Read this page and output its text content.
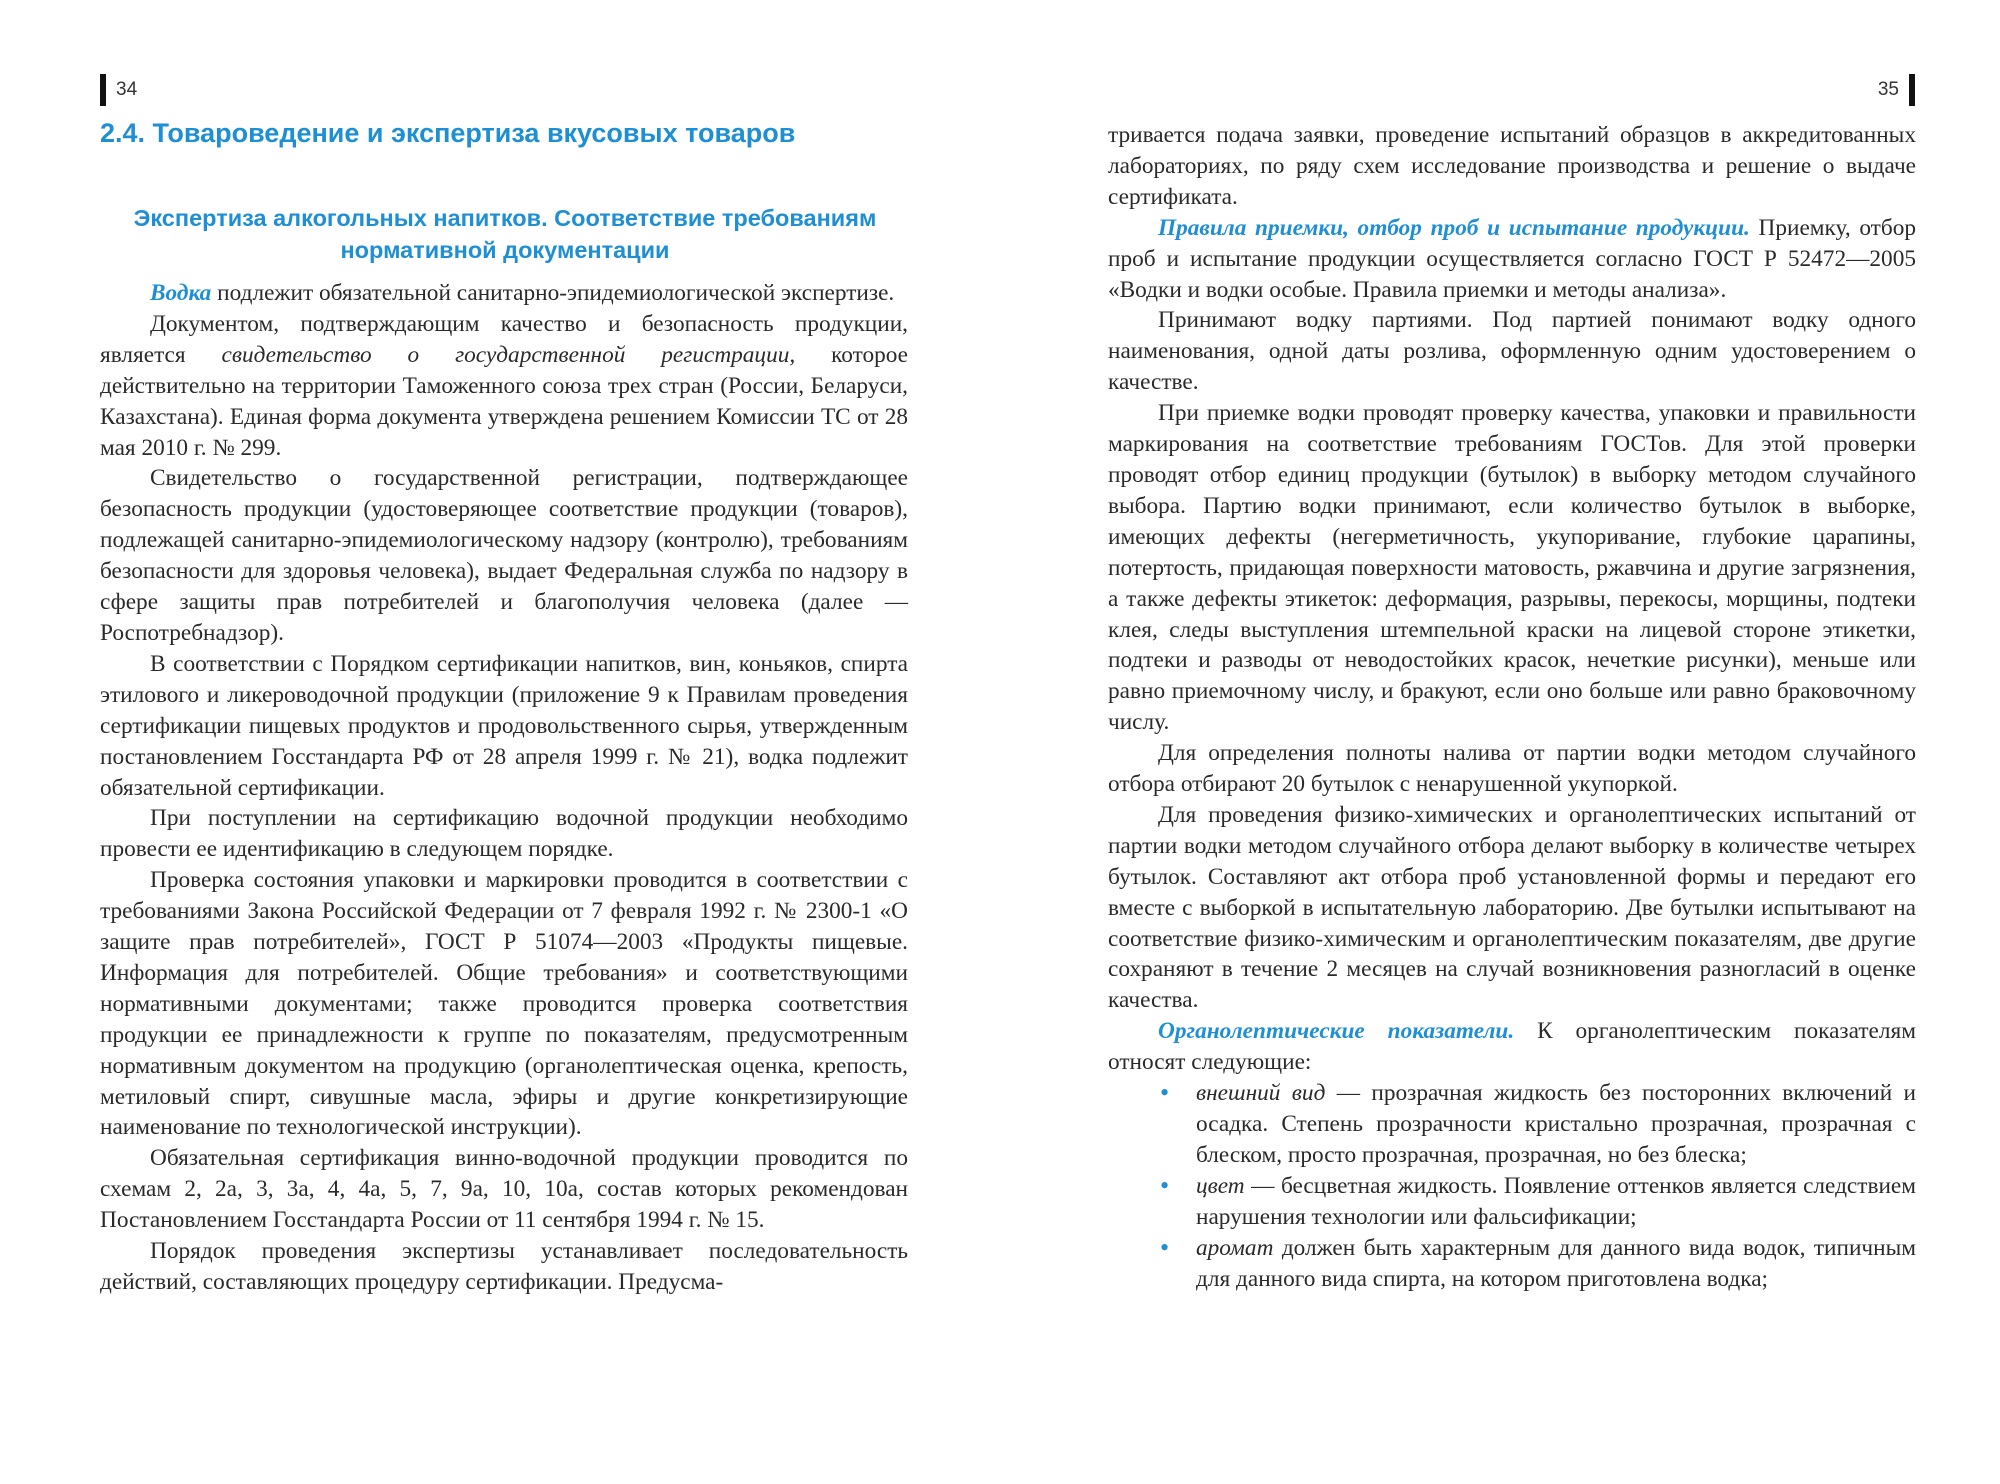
34
2.4. Товароведение и экспертиза вкусовых товаров
Экспертиза алкогольных напитков. Соответствие требованиям нормативной документации

Водка подлежит обязательной санитарно-эпидемиологической экспертизе.

Документом, подтверждающим качество и безопасность продукции, является свидетельство о государственной регистрации, которое действительно на территории Таможенного союза трех стран (России, Беларуси, Казахстана). Единая форма документа утверждена решением Комиссии ТС от 28 мая 2010 г. № 299.

Свидетельство о государственной регистрации, подтверждающее безопасность продукции (удостоверяющее соответствие продукции (товаров), подлежащей санитарно-эпидемиологическому надзору (контролю), требованиям безопасности для здоровья человека), выдает Федеральная служба по надзору в сфере защиты прав потребителей и благополучия человека (далее — Роспотребнадзор).

В соответствии с Порядком сертификации напитков, вин, коньяков, спирта этилового и ликероводочной продукции (приложение 9 к Правилам проведения сертификации пищевых продуктов и продовольственного сырья, утвержденным постановлением Госстандарта РФ от 28 апреля 1999 г. № 21), водка подлежит обязательной сертификации.

При поступлении на сертификацию водочной продукции необходимо провести ее идентификацию в следующем порядке.

Проверка состояния упаковки и маркировки проводится в соответствии с требованиями Закона Российской Федерации от 7 февраля 1992 г. № 2300-1 «О защите прав потребителей», ГОСТ Р 51074—2003 «Продукты пищевые. Информация для потребителей. Общие требования» и соответствующими нормативными документами; также проводится проверка соответствия продукции ее принадлежности к группе по показателям, предусмотренным нормативным документом на продукцию (органолептическая оценка, крепость, метиловый спирт, сивушные масла, эфиры и другие конкретизирующие наименование по технологической инструкции).

Обязательная сертификация винно-водочной продукции проводится по схемам 2, 2а, 3, 3а, 4, 4а, 5, 7, 9а, 10, 10а, состав которых рекомендован Постановлением Госстандарта России от 11 сентября 1994 г. № 15.

Порядок проведения экспертизы устанавливает последовательность действий, составляющих процедуру сертификации. Предусма-

35

тривается подача заявки, проведение испытаний образцов в аккредитованных лабораториях, по ряду схем исследование производства и решение о выдаче сертификата.

Правила приемки, отбор проб и испытание продукции. Приемку, отбор проб и испытание продукции осуществляется согласно ГОСТ Р 52472—2005 «Водки и водки особые. Правила приемки и методы анализа».

Принимают водку партиями. Под партией понимают водку одного наименования, одной даты розлива, оформленную одним удостоверением о качестве.

При приемке водки проводят проверку качества, упаковки и правильности маркирования на соответствие требованиям ГОСТов. Для этой проверки проводят отбор единиц продукции (бутылок) в выборку методом случайного выбора. Партию водки принимают, если количество бутылок в выборке, имеющих дефекты (негерметичность, укупоривание, глубокие царапины, потертость, придающая поверхности матовость, ржавчина и другие загрязнения, а также дефекты этикеток: деформация, разрывы, перекосы, морщины, подтеки клея, следы выступления штемпельной краски на лицевой стороне этикетки, подтеки и разводы от неводостойких красок, нечеткие рисунки), меньше или равно приемочному числу, и бракуют, если оно больше или равно браковочному числу.

Для определения полноты налива от партии водки методом случайного отбора отбирают 20 бутылок с ненарушенной укупоркой.

Для проведения физико-химических и органолептических испытаний от партии водки методом случайного отбора делают выборку в количестве четырех бутылок. Составляют акт отбора проб установленной формы и передают его вместе с выборкой в испытательную лабораторию. Две бутылки испытывают на соответствие физико-химическим и органолептическим показателям, две другие сохраняют в течение 2 месяцев на случай возникновения разногласий в оценке качества.

Органолептические показатели. К органолептическим показателям относят следующие:

• внешний вид — прозрачная жидкость без посторонних включений и осадка. Степень прозрачности кристально прозрачная, прозрачная с блеском, просто прозрачная, прозрачная, но без блеска;
• цвет — бесцветная жидкость. Появление оттенков является следствием нарушения технологии или фальсификации;
• аромат должен быть характерным для данного вида водок, типичным для данного вида спирта, на котором приготовлена водка;
